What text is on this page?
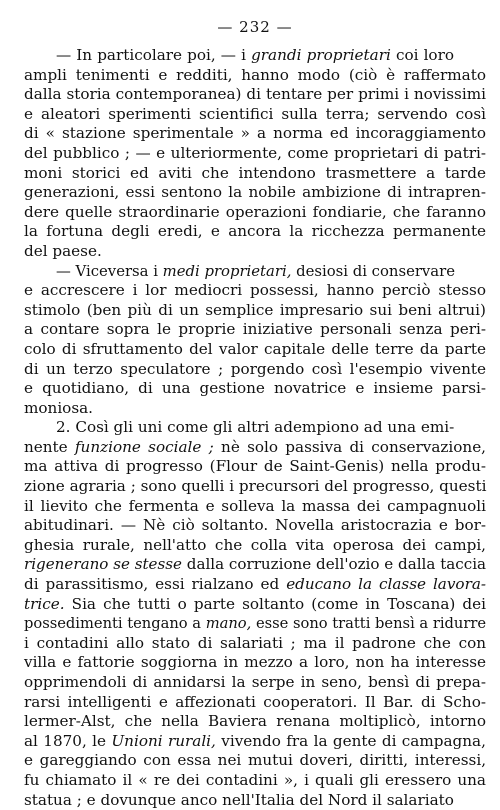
— 232 —

— In particolare poi, — i grandi proprietari coi loro
ampli tenimenti e redditi, hanno modo (ciò è raffermato
dalla storia contemporanea) di tentare per primi i novissimi
e aleatori sperimenti scientifici sulla terra; servendo così
di « stazione sperimentale » a norma ed incoraggiamento
del pubblico ; — e ulteriormente, come proprietari di patri-
moni storici ed aviti che intendono trasmettere a tarde
generazioni, essi sentono la nobile ambizione di intrapren-
dere quelle straordinarie operazioni fondiarie, che faranno
la fortuna degli eredi, e ancora la ricchezza permanente
del paese.

— Viceversa i medi proprietari, desiosi di conservare
e accrescere i lor mediocri possessi, hanno perciò stesso
stimolo (ben più di un semplice impresario sui beni altrui)
a contare sopra le proprie iniziative personali senza peri-
colo di sfruttamento del valor capitale delle terre da parte
di un terzo speculatore ; porgendo così l'esempio vivente
e quotidiano, di una gestione novatrice e insieme parsi-
moniosa.

2. Così gli uni come gli altri adempiono ad una emi-
nente funzione sociale ; nè solo passiva di conservazione,
ma attiva di progresso (Flour de Saint-Genis) nella produ-
zione agraria ; sono quelli i precursori del progresso, questi
il lievito che fermenta e solleva la massa dei campagnuoli
abitudinari. — Nè ciò soltanto. Novella aristocrazia e bor-
ghesia rurale, nell'atto che colla vita operosa dei campi,
rigenerano se stesse dalla corruzione dell'ozio e dalla taccia
di parassitismo, essi rialzano ed educano la classe lavora-
trice. Sia che tutti o parte soltanto (come in Toscana) dei
possedimenti tengano a mano, esse sono tratti bensì a ridurre
i contadini allo stato di salariati ; ma il padrone che con
villa e fattorie soggiorna in mezzo a loro, non ha interesse
opprimendoli di annidarsi la serpe in seno, bensì di prepa-
rarsi intelligenti e affezionati cooperatori. Il Bar. di Scho-
lermer-Alst, che nella Baviera renana moltiplicò, intorno
al 1870, le Unioni rurali, vivendo fra la gente di campagna,
e gareggiando con essa nei mutui doveri, diritti, interessi,
fu chiamato il « re dei contadini », i quali gli eressero una
statua ; e dovunque anco nell'Italia del Nord il salariato
